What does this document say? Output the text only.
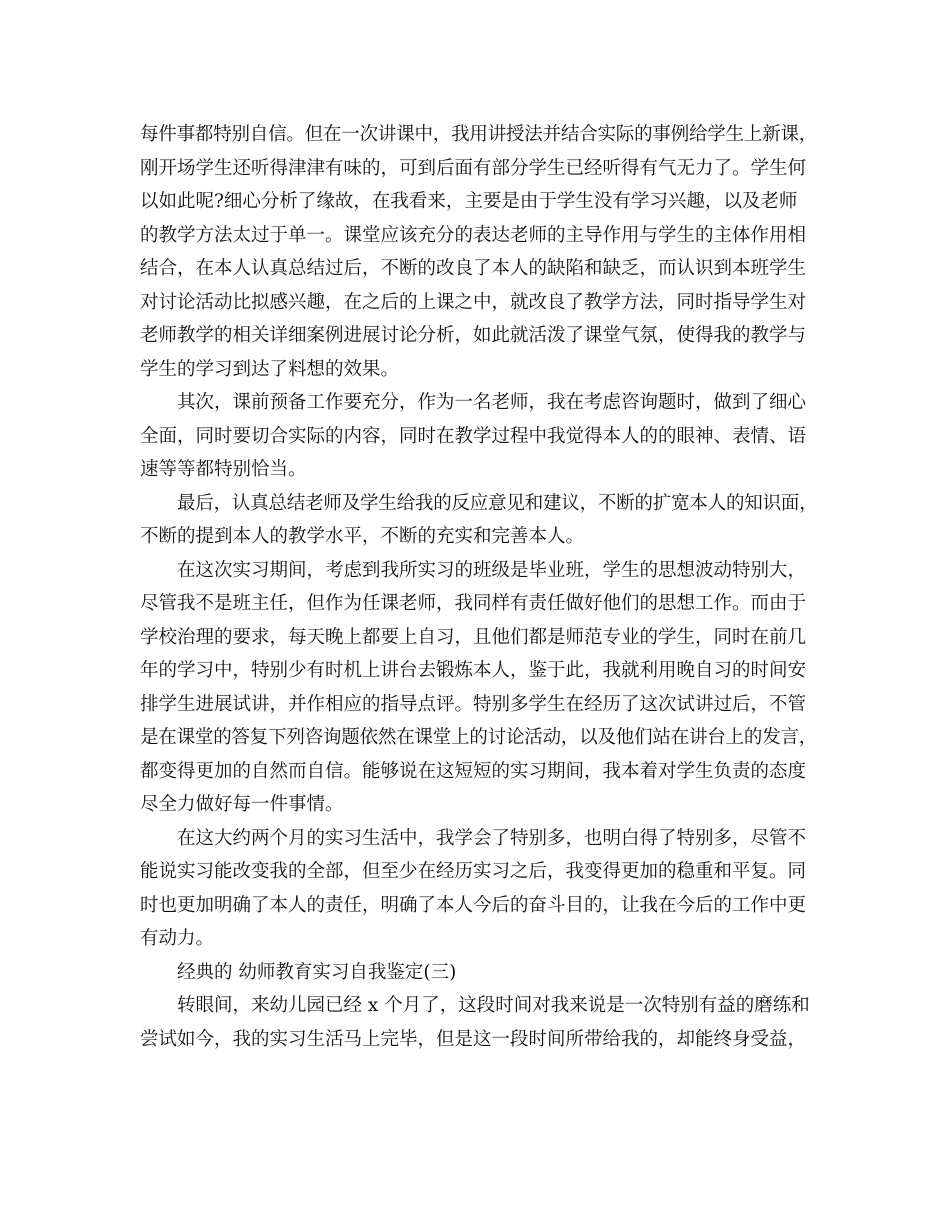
每件事都特别自信。但在一次讲课中，我用讲授法并结合实际的事例给学生上新课，
刚开场学生还听得津津有味的，可到后面有部分学生已经听得有气无力了。学生何
以如此呢?细心分析了缘故，在我看来，主要是由于学生没有学习兴趣，以及老师
的教学方法太过于单一。课堂应该充分的表达老师的主导作用与学生的主体作用相
结合，在本人认真总结过后，不断的改良了本人的缺陷和缺乏，而认识到本班学生
对讨论活动比拟感兴趣，在之后的上课之中，就改良了教学方法，同时指导学生对
老师教学的相关详细案例进展讨论分析，如此就活泼了课堂气氛，使得我的教学与
学生的学习到达了料想的效果。
其次，课前预备工作要充分，作为一名老师，我在考虑咨询题时，做到了细心
全面，同时要切合实际的内容，同时在教学过程中我觉得本人的的眼神、表情、语
速等等都特别恰当。
最后，认真总结老师及学生给我的反应意见和建议，不断的扩宽本人的知识面，
不断的提到本人的教学水平，不断的充实和完善本人。
在这次实习期间，考虑到我所实习的班级是毕业班，学生的思想波动特别大，
尽管我不是班主任，但作为任课老师，我同样有责任做好他们的思想工作。而由于
学校治理的要求，每天晚上都要上自习，且他们都是师范专业的学生，同时在前几
年的学习中，特别少有时机上讲台去锻炼本人，鉴于此，我就利用晚自习的时间安
排学生进展试讲，并作相应的指导点评。特别多学生在经历了这次试讲过后，不管
是在课堂的答复下列咨询题依然在课堂上的讨论活动，以及他们站在讲台上的发言，
都变得更加的自然而自信。能够说在这短短的实习期间，我本着对学生负责的态度
尽全力做好每一件事情。
在这大约两个月的实习生活中，我学会了特别多，也明白得了特别多，尽管不
能说实习能改变我的全部，但至少在经历实习之后，我变得更加的稳重和平复。同
时也更加明确了本人的责任，明确了本人今后的奋斗目的，让我在今后的工作中更
有动力。
经典的 幼师教育实习自我鉴定(三)
转眼间，来幼儿园已经 x 个月了，这段时间对我来说是一次特别有益的磨练和
尝试如今，我的实习生活马上完毕，但是这一段时间所带给我的，却能终身受益，
